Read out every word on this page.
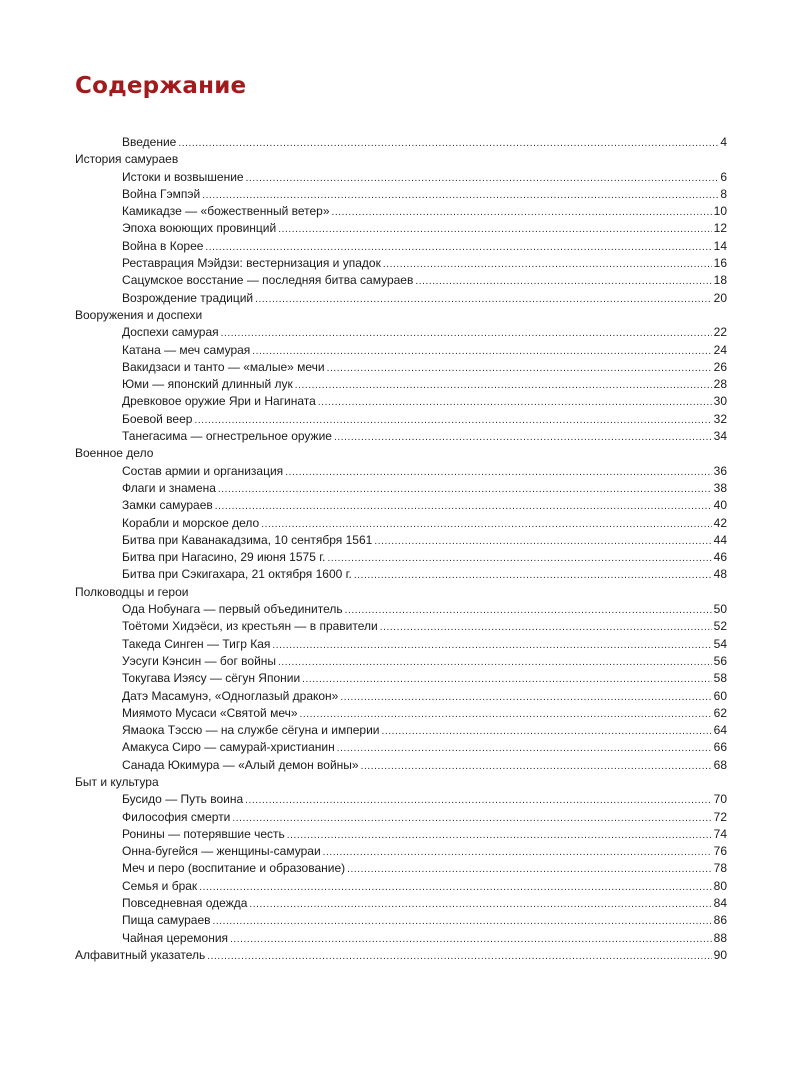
Содержание
Введение .....	4
История самураев
Истоки и возвышение .....	6
Война Гэмпэй .....	8
Камикадзе — «божественный ветер» .....	10
Эпоха воюющих провинций .....	12
Война в Корее .....	14
Реставрация Мэйдзи: вестернизация и упадок .....	16
Сацумское восстание — последняя битва самураев .....	18
Возрождение традиций .....	20
Вооружения и доспехи
Доспехи самурая .....	22
Катана — меч самурая .....	24
Вакидзаси и танто — «малые» мечи .....	26
Юми — японский длинный лук .....	28
Древковое оружие Яри и Нагината .....	30
Боевой веер .....	32
Танегасима — огнестрельное оружие .....	34
Военное дело
Состав армии и организация .....	36
Флаги и знамена .....	38
Замки самураев .....	40
Корабли и морское дело .....	42
Битва при Каванакадзима, 10 сентября 1561 .....	44
Битва при Нагасино, 29 июня 1575 г. .....	46
Битва при Сэкигахара, 21 октября 1600 г. .....	48
Полководцы и герои
Ода Нобунага — первый объединитель .....	50
Тоётоми Хидэёси, из крестьян — в правители .....	52
Такеда Синген — Тигр Кая .....	54
Уэсуги Кэнсин — бог войны .....	56
Токугава Иэясу — сёгун Японии .....	58
Датэ Масамунэ, «Одноглазый дракон» .....	60
Миямото Мусаси «Святой меч» .....	62
Ямаока Тэссю — на службе сёгуна и империи .....	64
Амакуса Сиро — самурай-христианин .....	66
Санада Юкимура — «Алый демон войны» .....	68
Быт и культура
Бусидо — Путь воина .....	70
Философия смерти .....	72
Ронины — потерявшие честь .....	74
Онна-бугейся — женщины-самураи .....	76
Меч и перо (воспитание и образование) .....	78
Семья и брак .....	80
Повседневная одежда .....	84
Пища самураев .....	86
Чайная церемония .....	88
Алфавитный указатель .....	90
